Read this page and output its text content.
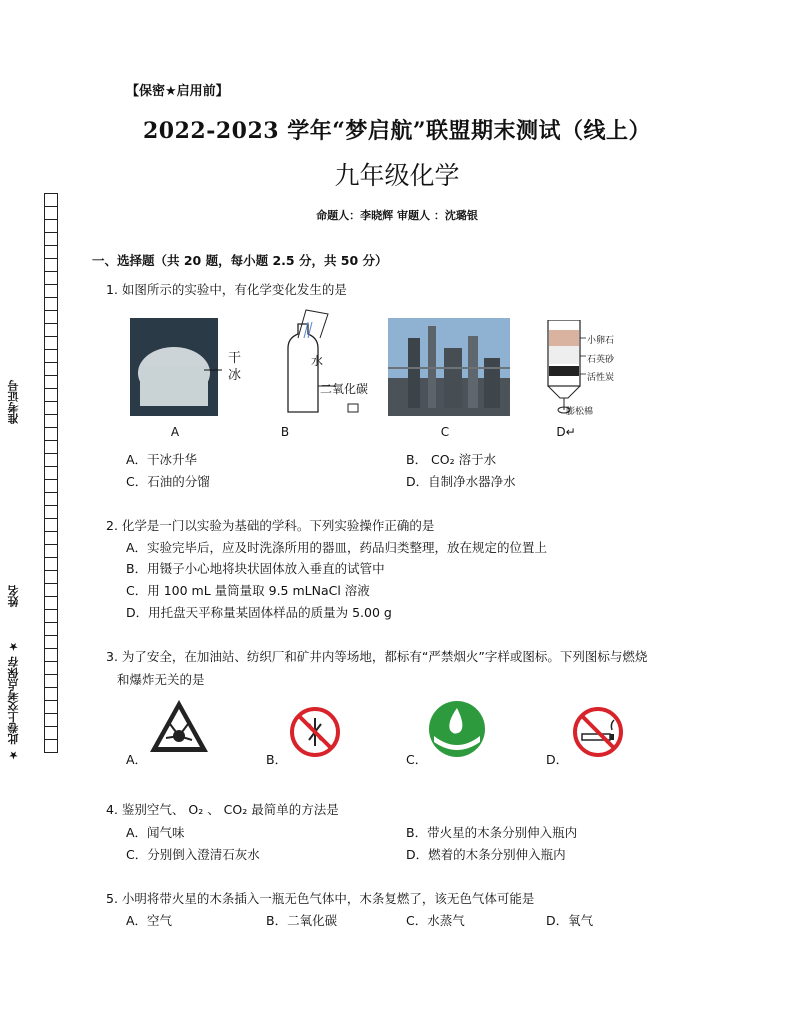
准考证号
姓名
★ 此卷上交考点保存 ★
【保密★启用前】
2022-2023 学年“梦启航”联盟期末测试（线上）
九年级化学
命题人：李晓辉 审题人 ：沈璐银
一、选择题（共 20 题，每小题 2.5 分，共 50 分）
1. 如图所示的实验中，有化学变化发生的是
干
冰
水
二氧化碳
小卵石
石英砂
活性炭
膨松棉
A	B	C	D↵
A．干冰升华	B． CO₂ 溶于水
C．石油的分馏	D．自制净水器净水
2. 化学是一门以实验为基础的学科。下列实验操作正确的是
A．实验完毕后，应及时洗涤所用的器皿，药品归类整理，放在规定的位置上
B．用镊子小心地将块状固体放入垂直的试管中
C．用 100 mL 量筒量取 9.5 mLNaCl 溶液
D．用托盘天平称量某固体样品的质量为 5.00 g
3. 为了安全，在加油站、纺织厂和矿井内等场地，都标有“严禁烟火”字样或图标。下列图标与燃烧
和爆炸无关的是
A．	B．	C．	D．
4. 鉴别空气、 O₂ 、 CO₂ 最简单的方法是
A．闻气味	B．带火星的木条分别伸入瓶内
C．分别倒入澄清石灰水	D．燃着的木条分别伸入瓶内
5. 小明将带火星的木条插入一瓶无色气体中，木条复燃了，该无色气体可能是
A．空气	B．二氧化碳	C．水蒸气	D．氧气
